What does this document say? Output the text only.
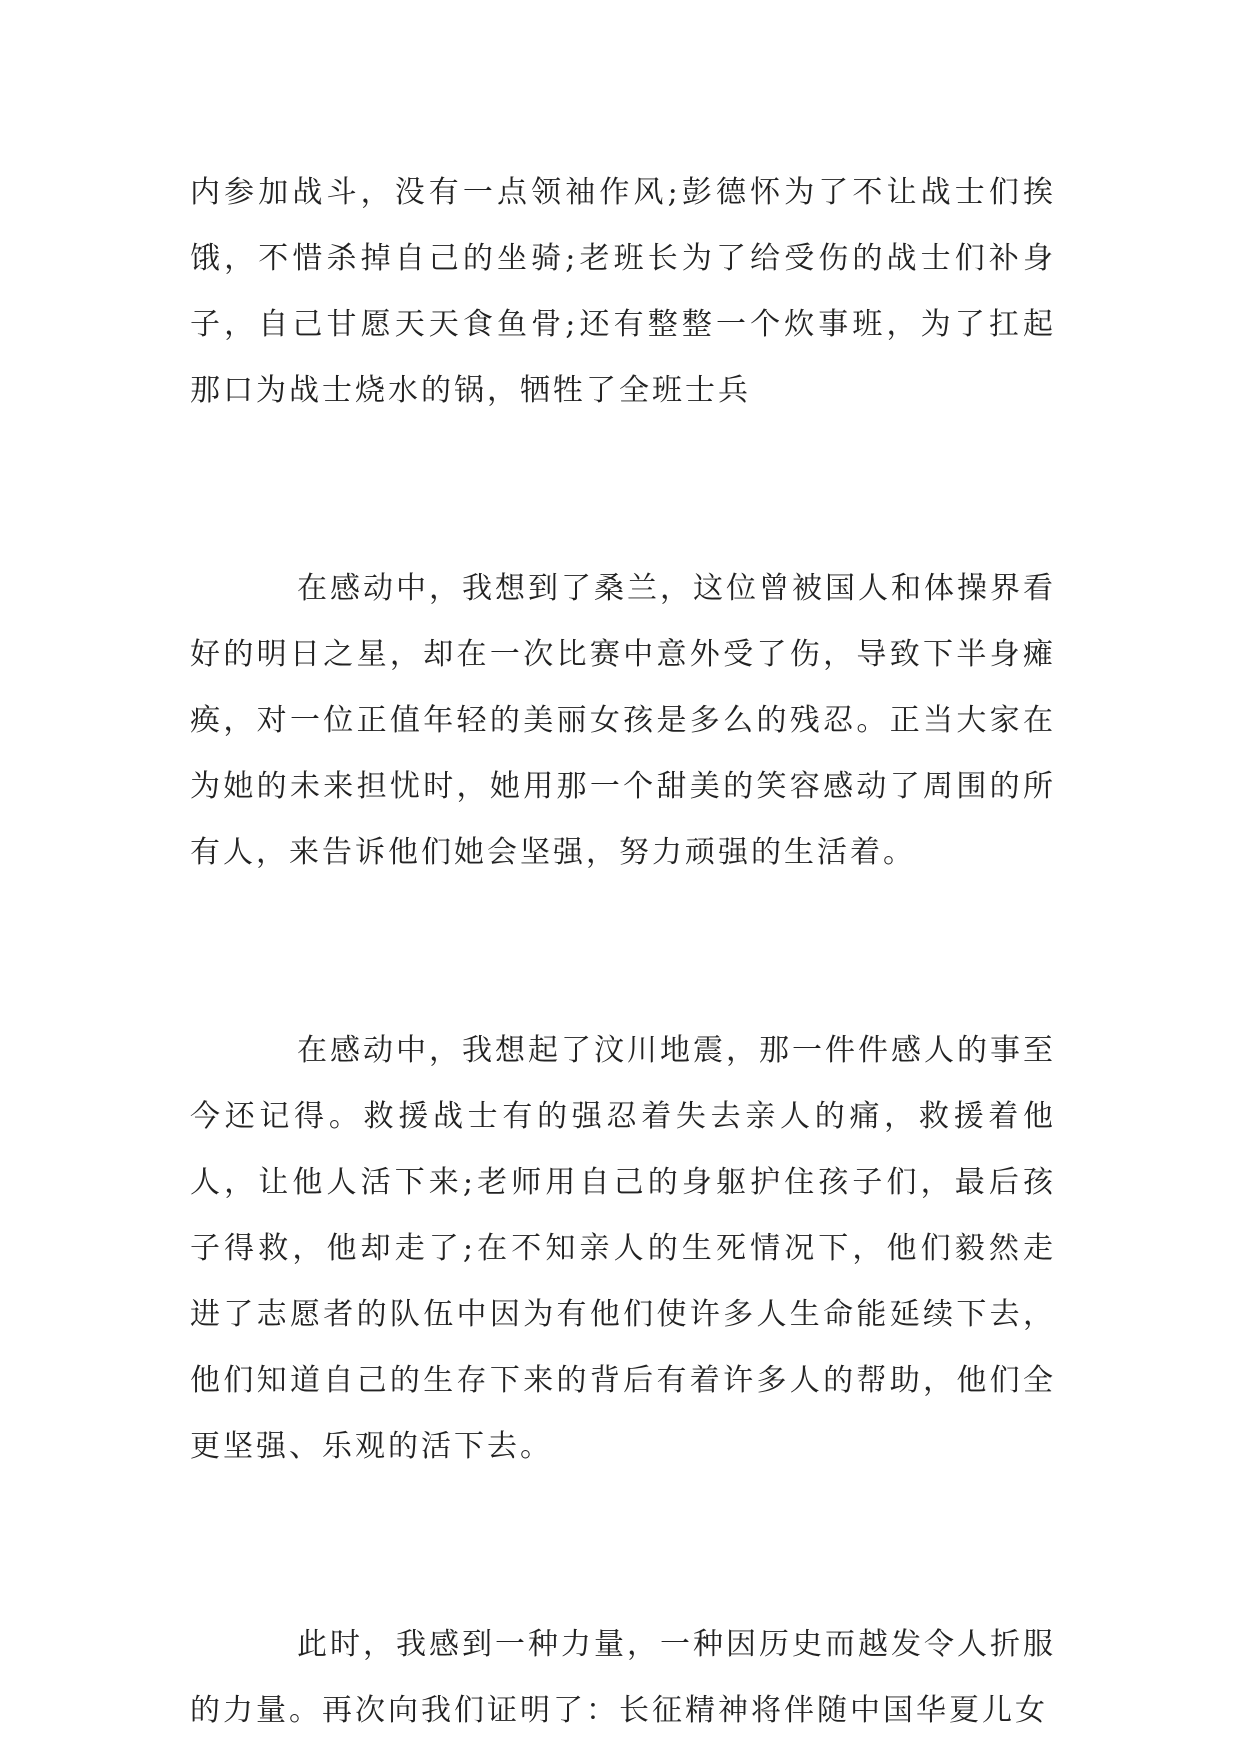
内参加战斗，没有一点领袖作风;彭德怀为了不让战士们挨饿，不惜杀掉自己的坐骑;老班长为了给受伤的战士们补身子，自己甘愿天天食鱼骨;还有整整一个炊事班，为了扛起那口为战士烧水的锅，牺牲了全班士兵

在感动中，我想到了桑兰，这位曾被国人和体操界看好的明日之星，却在一次比赛中意外受了伤，导致下半身瘫痪，对一位正值年轻的美丽女孩是多么的残忍。正当大家在为她的未来担忧时，她用那一个甜美的笑容感动了周围的所有人，来告诉他们她会坚强，努力顽强的生活着。

在感动中，我想起了汶川地震，那一件件感人的事至今还记得。救援战士有的强忍着失去亲人的痛，救援着他人，让他人活下来;老师用自己的身躯护住孩子们，最后孩子得救，他却走了;在不知亲人的生死情况下，他们毅然走进了志愿者的队伍中因为有他们使许多人生命能延续下去，他们知道自己的生存下来的背后有着许多人的帮助，他们全更坚强、乐观的活下去。

此时，我感到一种力量，一种因历史而越发令人折服的力量。再次向我们证明了：长征精神将伴随中国华夏儿女
